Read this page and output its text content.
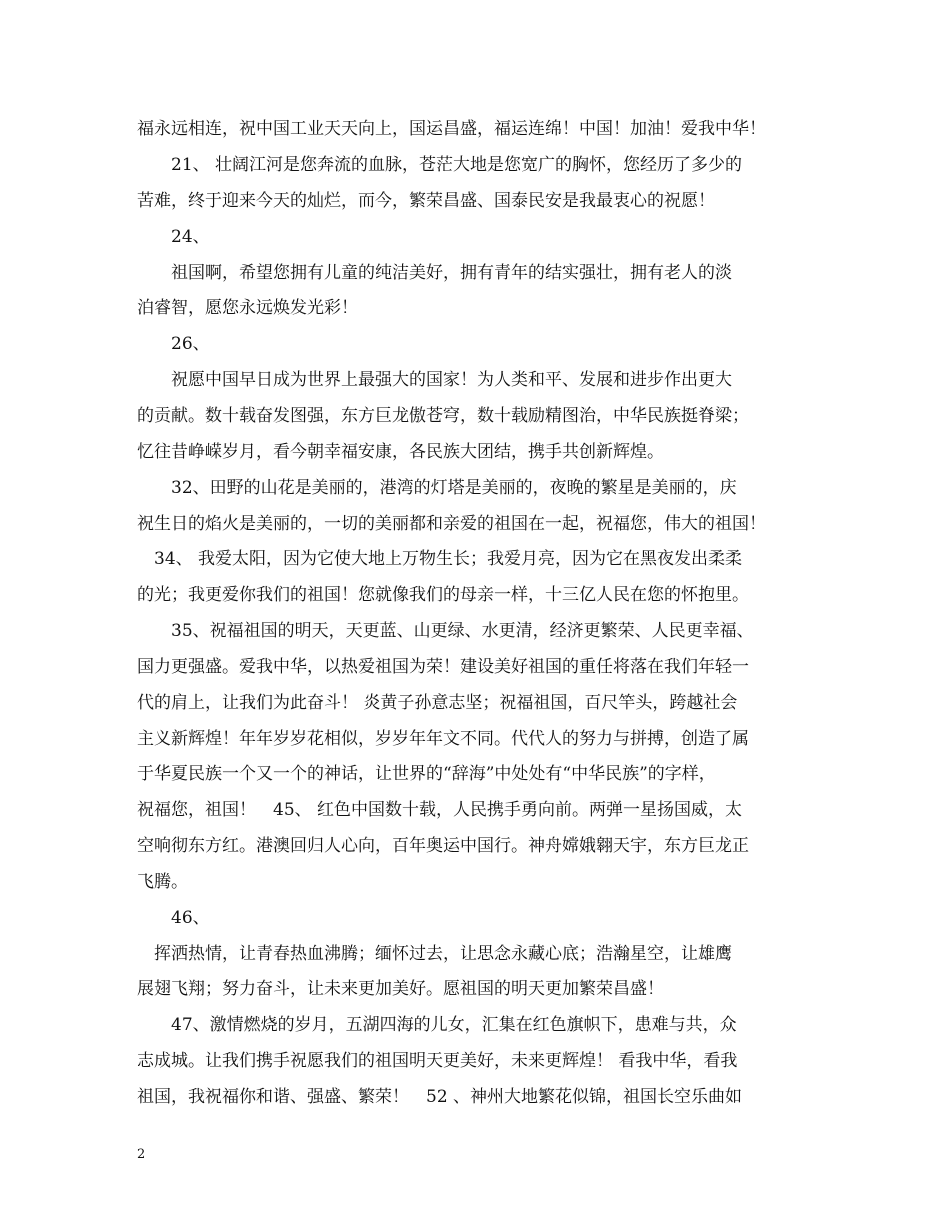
福永远相连，祝中国工业天天向上，国运昌盛，福运连绵！中国！加油！爱我中华！
　　21、 壮阔江河是您奔流的血脉，苍茫大地是您宽广的胸怀，您经历了多少的
苦难，终于迎来今天的灿烂，而今，繁荣昌盛、国泰民安是我最衷心的祝愿！
　　24、
　　祖国啊，希望您拥有儿童的纯洁美好，拥有青年的结实强壮，拥有老人的淡
泊睿智，愿您永远焕发光彩！
　　26、
　　祝愿中国早日成为世界上最强大的国家！为人类和平、发展和进步作出更大
的贡献。数十载奋发图强，东方巨龙傲苍穹，数十载励精图治，中华民族挺脊梁；
忆往昔峥嵘岁月，看今朝幸福安康，各民族大团结，携手共创新辉煌。
　　32、田野的山花是美丽的，港湾的灯塔是美丽的，夜晚的繁星是美丽的，庆
祝生日的焰火是美丽的，一切的美丽都和亲爱的祖国在一起，祝福您，伟大的祖国！
　34、 我爱太阳，因为它使大地上万物生长；我爱月亮，因为它在黑夜发出柔柔
的光；我更爱你我们的祖国！您就像我们的母亲一样，十三亿人民在您的怀抱里。
　　35、祝福祖国的明天，天更蓝、山更绿、水更清，经济更繁荣、人民更幸福、
国力更强盛。爱我中华，以热爱祖国为荣！建设美好祖国的重任将落在我们年轻一
代的肩上，让我们为此奋斗！ 炎黄子孙意志坚；祝福祖国，百尺竿头，跨越社会
主义新辉煌！年年岁岁花相似，岁岁年年文不同。代代人的努力与拼搏，创造了属
于华夏民族一个又一个的神话，让世界的“辞海”中处处有“中华民族”的字样，
祝福您，祖国！　45、 红色中国数十载，人民携手勇向前。两弹一星扬国威，太
空响彻东方红。港澳回归人心向，百年奥运中国行。神舟嫦娥翱天宇，东方巨龙正
飞腾。
　　46、
　挥洒热情，让青春热血沸腾；缅怀过去，让思念永藏心底；浩瀚星空，让雄鹰
展翅飞翔；努力奋斗，让未来更加美好。愿祖国的明天更加繁荣昌盛！
　　47、激情燃烧的岁月，五湖四海的儿女，汇集在红色旗帜下，患难与共，众
志成城。让我们携手祝愿我们的祖国明天更美好，未来更辉煌！ 看我中华，看我
祖国，我祝福你和谐、强盛、繁荣！　52 、神州大地繁花似锦，祖国长空乐曲如
2
